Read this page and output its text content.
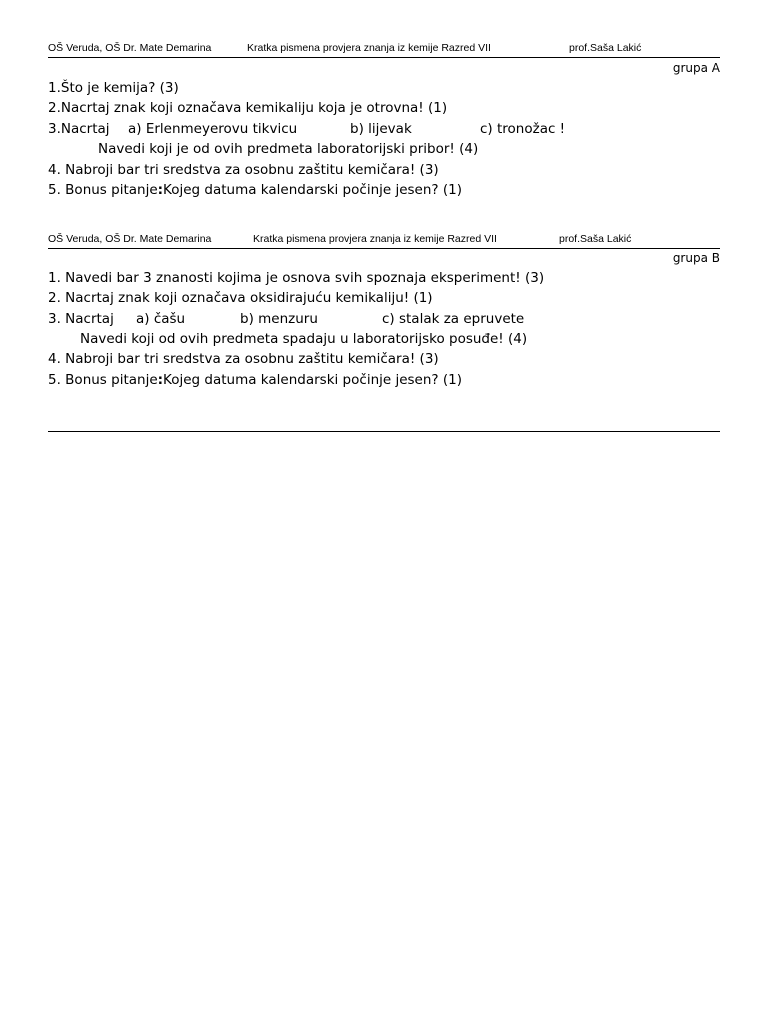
OŠ Veruda, OŠ Dr. Mate Demarina	Kratka pismena provjera znanja iz kemije Razred VII	prof.Saša Lakić
grupa A
1.Što je kemija? (3)
2.Nacrtaj znak koji označava kemikaliju koja je otrovna! (1)
3.Nacrtaj a) Erlenmeyerovu tikvicu	b) lijevak	c) tronožac !
Navedi koji je od ovih predmeta laboratorijski pribor! (4)
4. Nabroji bar tri sredstva za osobnu zaštitu kemičara! (3)
5. Bonus pitanje:Kojeg datuma kalendarski počinje jesen? (1)
OŠ Veruda, OŠ Dr. Mate Demarina	Kratka pismena provjera znanja iz kemije Razred VII	prof.Saša Lakić
grupa B
1. Navedi bar 3 znanosti kojima je osnova svih spoznaja eksperiment! (3)
2. Nacrtaj znak koji označava oksidirajuću kemikaliju! (1)
3. Nacrtaj a) čašu	b) menzuru	c) stalak za epruvete
Navedi koji od ovih predmeta spadaju u laboratorijsko posuđe! (4)
4. Nabroji bar tri sredstva za osobnu zaštitu kemičara! (3)
5. Bonus pitanje:Kojeg datuma kalendarski počinje jesen? (1)
